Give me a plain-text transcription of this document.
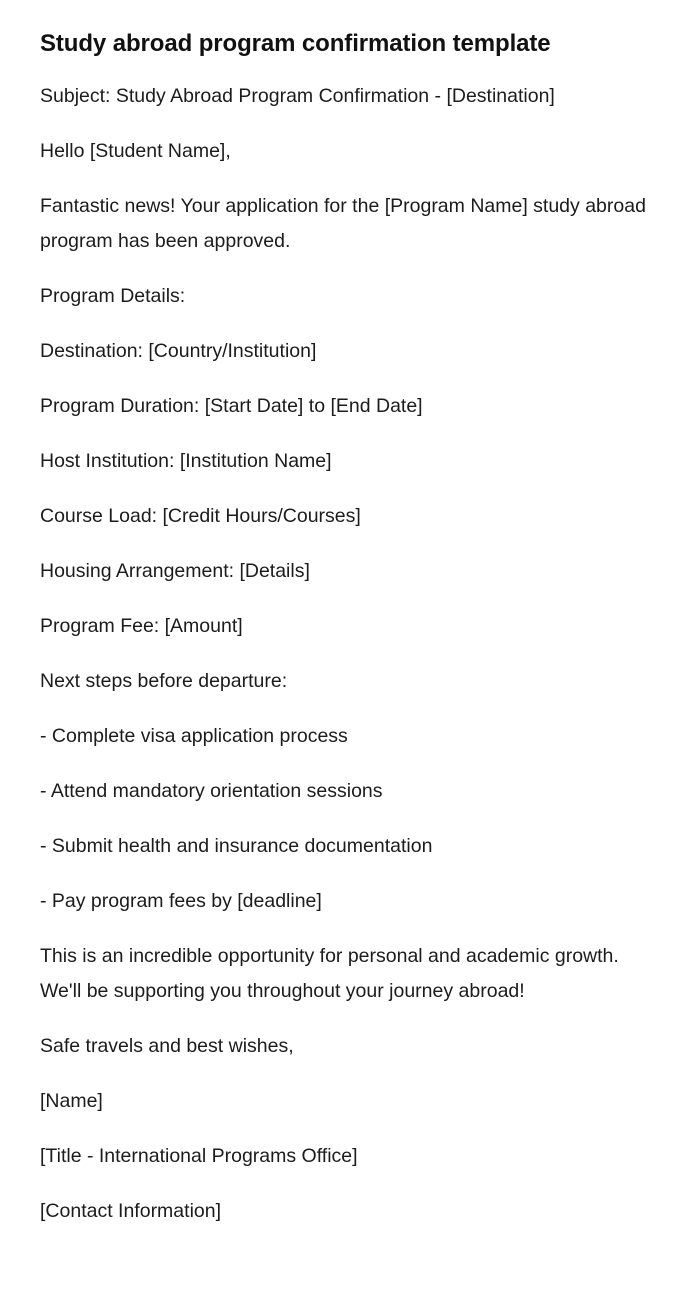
Study abroad program confirmation template

Subject: Study Abroad Program Confirmation - [Destination]

Hello [Student Name],

Fantastic news! Your application for the [Program Name] study abroad program has been approved.

Program Details:

Destination: [Country/Institution]

Program Duration: [Start Date] to [End Date]

Host Institution: [Institution Name]

Course Load: [Credit Hours/Courses]

Housing Arrangement: [Details]

Program Fee: [Amount]

Next steps before departure:

- Complete visa application process

- Attend mandatory orientation sessions

- Submit health and insurance documentation

- Pay program fees by [deadline]

This is an incredible opportunity for personal and academic growth. We'll be supporting you throughout your journey abroad!

Safe travels and best wishes,

[Name]

[Title - International Programs Office]

[Contact Information]
